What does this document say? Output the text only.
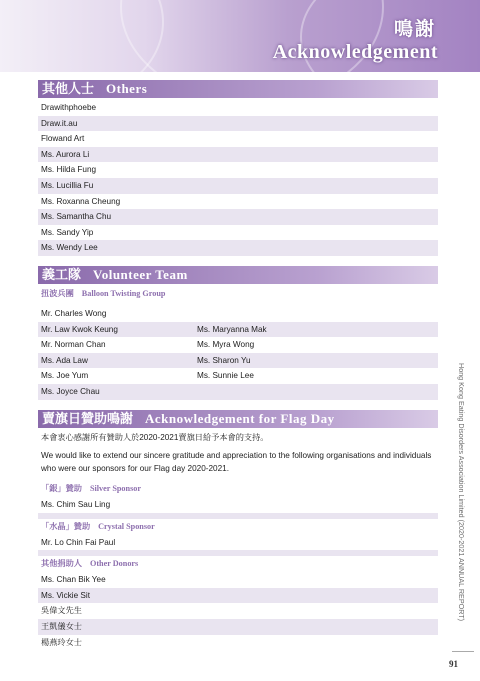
鳴謝
Acknowledgement
其他人士 Others
Drawithphoebe
Draw.it.au
Flowand Art
Ms. Aurora Li
Ms. Hilda Fung
Ms. Lucillia Fu
Ms. Roxanna Cheung
Ms. Samantha Chu
Ms. Sandy Yip
Ms. Wendy Lee
義工隊 Volunteer Team
扭波兵團 Balloon Twisting Group
Mr. Charles Wong
Mr. Law Kwok Keung	Ms. Maryanna Mak
Mr. Norman Chan	Ms. Myra Wong
Ms. Ada Law	Ms. Sharon Yu
Ms. Joe Yum	Ms. Sunnie Lee
Ms. Joyce Chau
賣旗日贊助鳴謝 Acknowledgement for Flag Day
本會衷心感謝所有贊助人於2020-2021賣旗日給予本會的支持。
We would like to extend our sincere gratitude and appreciation to the following organisations and individuals who were our sponsors for our Flag day 2020-2021.
「銀」贊助 Silver Sponsor
Ms. Chim Sau Ling
「水晶」贊助 Crystal Sponsor
Mr. Lo Chin Fai Paul
其他捐助人 Other Donors
Ms. Chan Bik Yee
Ms. Vickie Sit
吳偉文先生
王凱儀女士
楊燕玲女士
Hong Kong Eating Disorders Association Limited (2020-2021 ANNUAL REPORT)
91
